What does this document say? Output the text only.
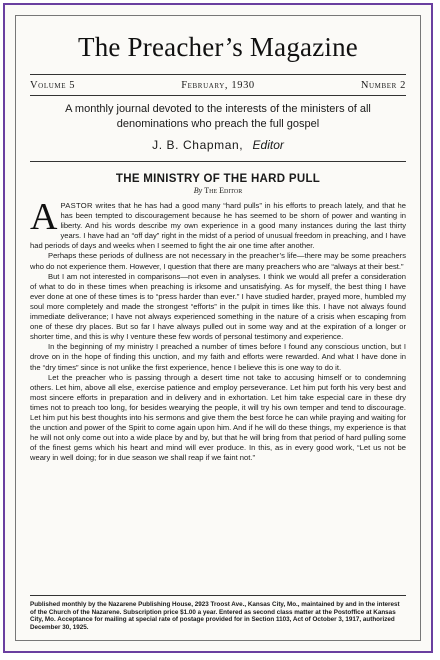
The Preacher’s Magazine
Volume 5	February, 1930	Number 2
A monthly journal devoted to the interests of the ministers of all denominations who preach the full gospel
J. B. Chapman, Editor
THE MINISTRY OF THE HARD PULL
By The Editor

APASTOR writes that he has had a good many “hard pulls” in his efforts to preach lately, and that he has been tempted to discouragement because he has seemed to be shorn of power and wanting in liberty. And his words describe my own experience in a good many instances during the last thirty years. I have had an “off day” right in the midst of a period of unusual freedom in preaching, and I have had periods of days and weeks when I seemed to fight the air one time after another.

Perhaps these periods of dullness are not necessary in the preacher’s life—there may be some preachers who do not experience them. However, I question that there are many preachers who are “always at their best.”

But I am not interested in comparisons—not even in analyses. I think we would all prefer a consideration of what to do in these times when preaching is irksome and unsatisfying. As for myself, the best thing I have ever done at one of these times is to “press harder than ever.” I have studied harder, prayed more, humbled my soul more completely and made the strongest “efforts” in the pulpit in times like this. I have not always found immediate deliverance; I have not always experienced something in the nature of a crisis when escaping from one of these dry places. But so far I have always pulled out in some way and at the expiration of a longer or shorter time, and this is why I venture these few words of personal testimony and experience.

In the beginning of my ministry I preached a number of times before I found any conscious unction, but I drove on in the hope of finding this unction, and my faith and efforts were rewarded. And what I have done in the “dry times” since is not unlike the first experience, hence I believe this is one way to do it.

Let the preacher who is passing through a desert time not take to accusing himself or to condemning others. Let him, above all else, exercise patience and employ perseverance. Let him put forth his very best and most sincere efforts in preparation and in delivery and in exhortation. Let him take especial care in these dry times not to preach too long, for besides wearying the people, it will try his own temper and tend to discourage. Let him put his best thoughts into his sermons and give them the best force he can while praying and waiting for the unction and power of the Spirit to come again upon him. And if he will do these things, my experience is that he will not only come out into a wide place by and by, but that he will bring from that period of hard pulling some of the finest gems which his heart and mind will ever produce. In this, as in every good work, “Let us not be weary in well doing; for in due season we shall reap if we faint not.”

Published monthly by the Nazarene Publishing House, 2923 Troost Ave., Kansas City, Mo., maintained by and in the interest of the Church of the Nazarene. Subscription price $1.00 a year. Entered as second class matter at the Postoffice at Kansas City, Mo. Acceptance for mailing at special rate of postage provided for in Section 1103, Act of October 3, 1917, authorized December 30, 1925.
